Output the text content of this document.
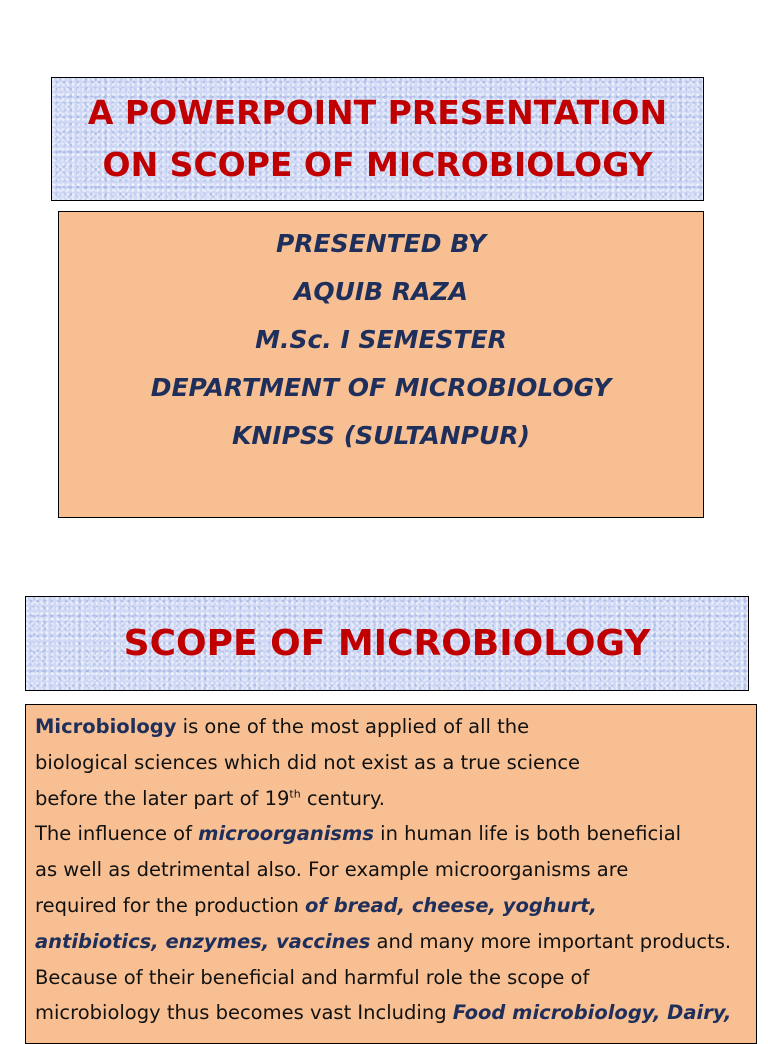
A POWERPOINT PRESENTATION
ON SCOPE OF MICROBIOLOGY
PRESENTED BY
AQUIB RAZA
M.Sc. I SEMESTER
DEPARTMENT OF MICROBIOLOGY
KNIPSS (SULTANPUR)
SCOPE OF MICROBIOLOGY
Microbiology is one of the most applied of all the
biological sciences which did not exist as a true science
before the later part of 19th century.
The influence of microorganisms in human life is both beneficial
as well as detrimental also. For example microorganisms are
required for the production of bread, cheese, yoghurt,
antibiotics, enzymes, vaccines and many more important products.
Because of their beneficial and harmful role the scope of
microbiology thus becomes vast Including Food microbiology, Dairy,
